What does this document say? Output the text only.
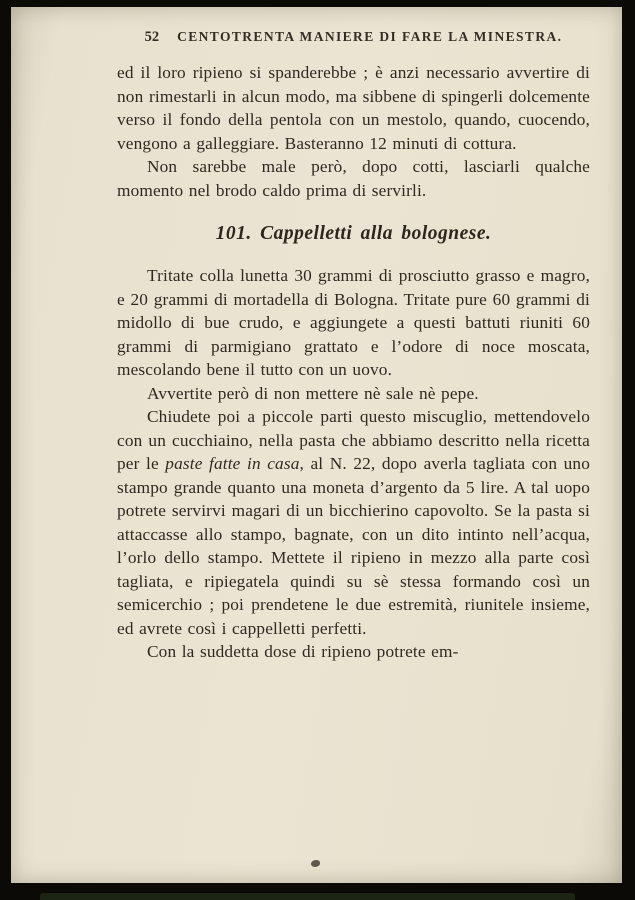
52 CENTOTRENTA MANIERE DI FARE LA MINESTRA.

ed il loro ripieno si spanderebbe ; è anzi necessario avvertire di non rimestarli in alcun modo, ma sibbene di spingerli dolcemente verso il fondo della pentola con un mestolo, quando, cuocendo, vengono a galleggiare. Basteranno 12 minuti di cottura.

Non sarebbe male però, dopo cotti, lasciarli qualche momento nel brodo caldo prima di servirli.

101. Cappelletti alla bolognese.

Tritate colla lunetta 30 grammi di prosciutto grasso e magro, e 20 grammi di mortadella di Bologna. Tritate pure 60 grammi di midollo di bue crudo, e aggiungete a questi battuti riuniti 60 grammi di parmigiano grattato e l’odore di noce moscata, mescolando bene il tutto con un uovo.

Avvertite però di non mettere nè sale nè pepe.

Chiudete poi a piccole parti questo miscuglio, mettendovelo con un cucchiaino, nella pasta che abbiamo descritto nella ricetta per le paste fatte in casa, al N. 22, dopo averla tagliata con uno stampo grande quanto una moneta d’argento da 5 lire. A tal uopo potrete servirvi magari di un bicchierino capovolto. Se la pasta si attaccasse allo stampo, bagnate, con un dito intinto nell’acqua, l’orlo dello stampo. Mettete il ripieno in mezzo alla parte così tagliata, e ripiegatela quindi su sè stessa formando così un semicerchio ; poi prendetene le due estremità, riunitele insieme, ed avrete così i cappelletti perfetti.

Con la suddetta dose di ripieno potrete em-
